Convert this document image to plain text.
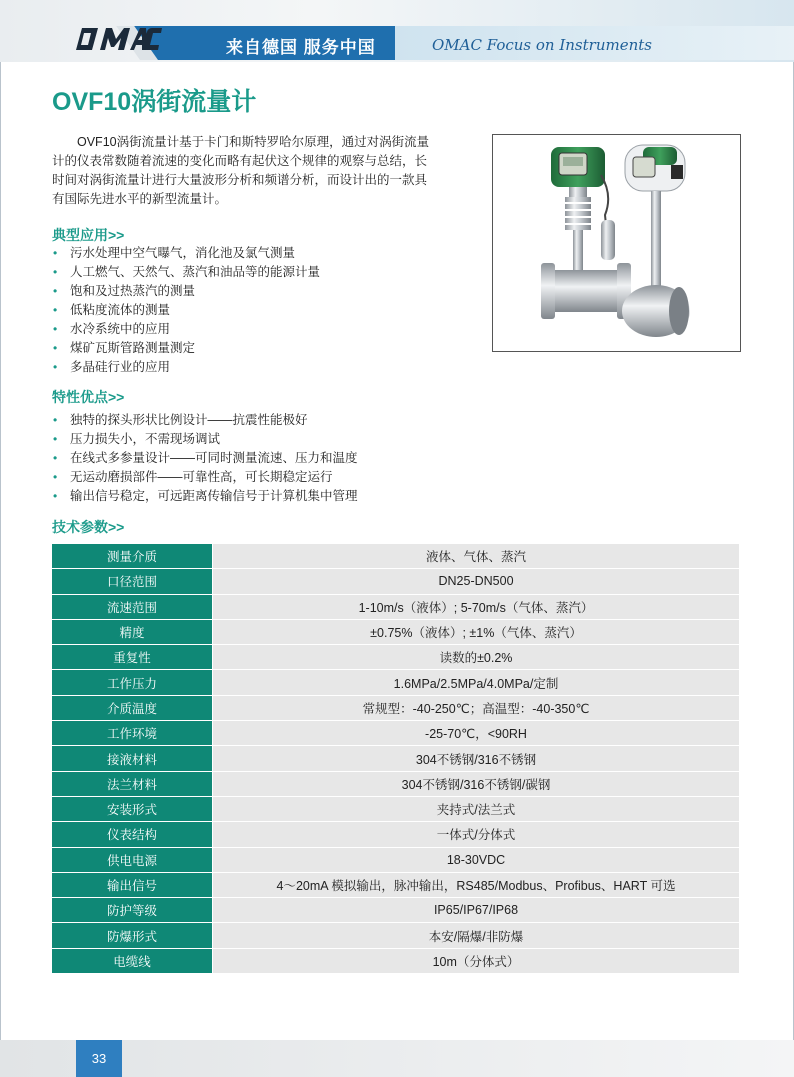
来自德国 服务中国	OMAC Focus on Instruments
OVF10涡街流量计
OVF10涡街流量计基于卡门和斯特罗哈尔原理，通过对涡街流量计的仪表常数随着流速的变化而略有起伏这个规律的观察与总结，长时间对涡街流量计进行大量波形分析和频谱分析，而设计出的一款具有国际先进水平的新型流量计。
典型应用>>
• 污水处理中空气曝气，消化池及氯气测量
• 人工燃气、天然气、蒸汽和油品等的能源计量
• 饱和及过热蒸汽的测量
• 低粘度流体的测量
• 水冷系统中的应用
• 煤矿瓦斯管路测量测定
• 多晶硅行业的应用
特性优点>>
• 独特的探头形状比例设计——抗震性能极好
• 压力损失小，不需现场调试
• 在线式多参量设计——可同时测量流速、压力和温度
• 无运动磨损部件——可靠性高，可长期稳定运行
• 输出信号稳定，可远距离传输信号于计算机集中管理
技术参数>>
测量介质	液体、气体、蒸汽
口径范围	DN25-DN500
流速范围	1-10m/s（液体）; 5-70m/s（气体、蒸汽）
精度	±0.75%（液体）; ±1%（气体、蒸汽）
重复性	读数的±0.2%
工作压力	1.6MPa/2.5MPa/4.0MPa/定制
介质温度	常规型：-40-250℃；高温型：-40-350℃
工作环境	-25-70℃，<90RH
接液材料	304不锈钢/316不锈钢
法兰材料	304不锈钢/316不锈钢/碳钢
安装形式	夹持式/法兰式
仪表结构	一体式/分体式
供电电源	18-30VDC
输出信号	4～20mA 模拟输出，脉冲输出，RS485/Modbus、Profibus、HART 可选
防护等级	IP65/IP67/IP68
防爆形式	本安/隔爆/非防爆
电缆线	10m（分体式）
33
